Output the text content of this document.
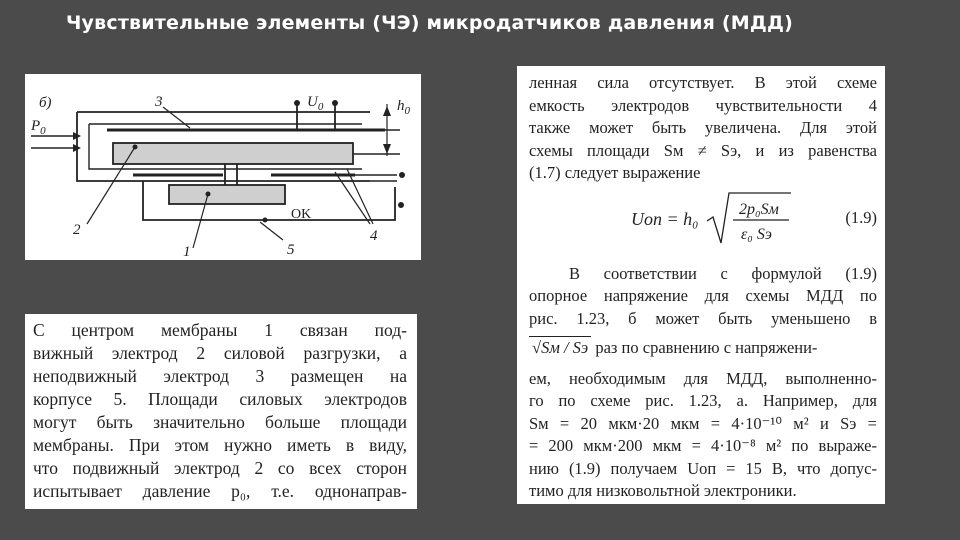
Чувствительные элементы (ЧЭ) микродатчиков давления (МДД)
б)
$P_0$
$U_0$	$h_0$
3
2
1	5
4
OK
С центром мембраны 1 связан под-
вижный электрод 2 силовой разгрузки, а
неподвижный электрод 3 размещен на
корпусе 5. Площади силовых электродов
могут быть значительно больше площади
мембраны. При этом нужно иметь в виду,
что подвижный электрод 2 со всех сторон
испытывает давление p₀, т.е. однонаправ-
ленная сила отсутствует. В этой схеме
емкость электродов чувствительности 4
также может быть увеличена. Для этой
схемы площади Sм ≠ Sэ, и из равенства
(1.7) следует выражение
Uоп = h₀	2p₀Sм
ε₀ Sэ
(1.9)
В соответствии с формулой (1.9)
опорное напряжение для схемы МДД по
рис. 1.23, б может быть уменьшено в
√Sм / Sэ раз по сравнению с напряжени-
ем, необходимым для МДД, выполненно-
го по схеме рис. 1.23, а. Например, для
Sм = 20 мкм·20 мкм = 4·10⁻¹⁰ м² и Sэ =
= 200 мкм·200 мкм = 4·10⁻⁸ м² по выраже-
нию (1.9) получаем Uоп = 15 В, что допус-
тимо для низковольтной электроники.
